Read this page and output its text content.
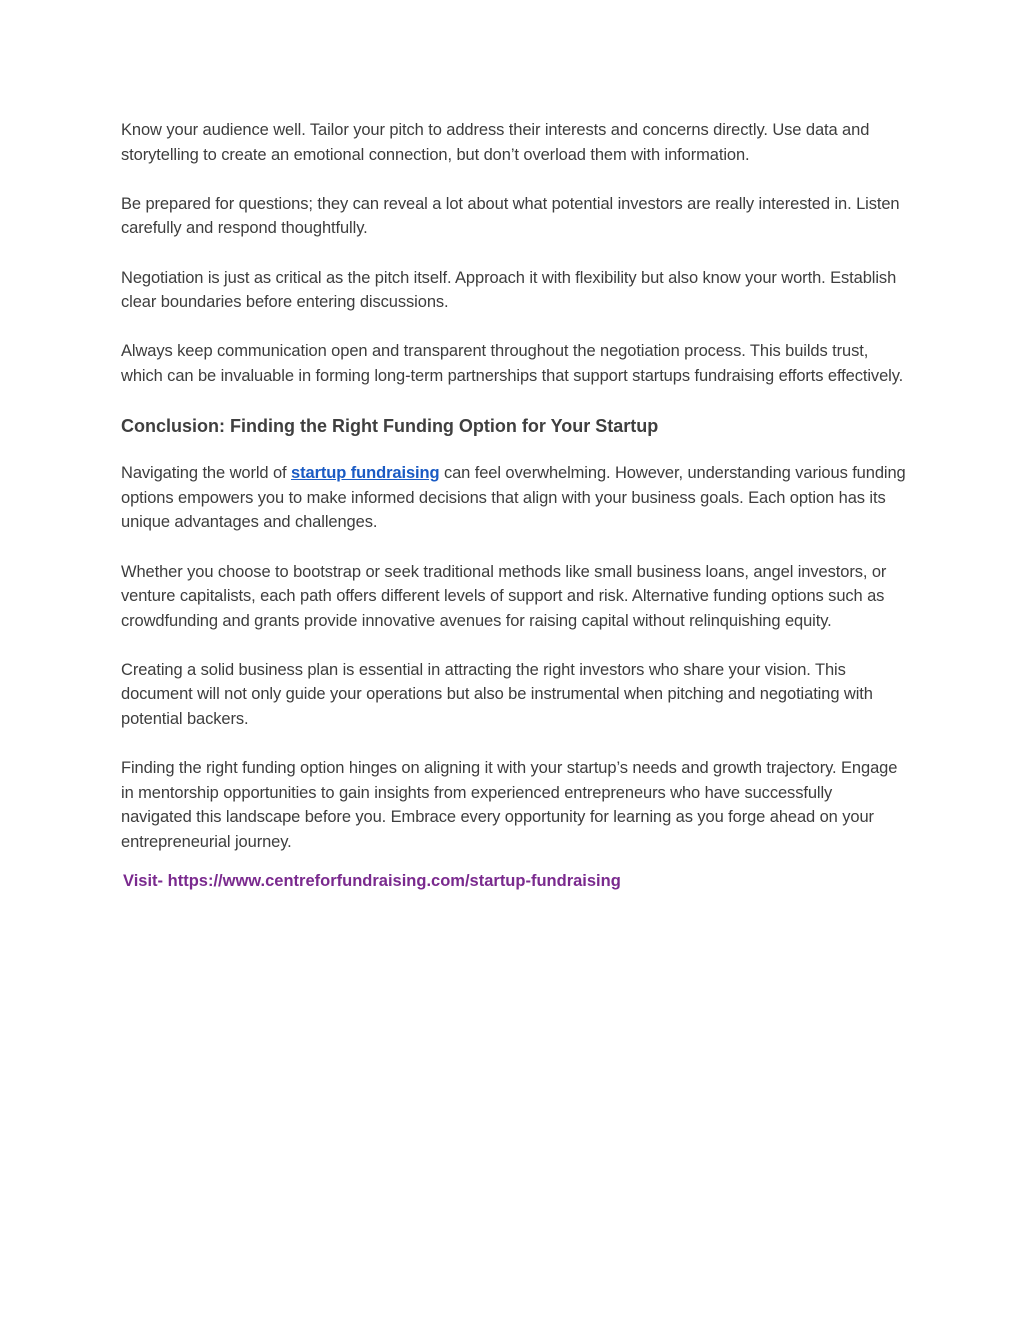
Know your audience well. Tailor your pitch to address their interests and concerns directly. Use data and storytelling to create an emotional connection, but don’t overload them with information.

Be prepared for questions; they can reveal a lot about what potential investors are really interested in. Listen carefully and respond thoughtfully.

Negotiation is just as critical as the pitch itself. Approach it with flexibility but also know your worth. Establish clear boundaries before entering discussions.

Always keep communication open and transparent throughout the negotiation process. This builds trust, which can be invaluable in forming long-term partnerships that support startups fundraising efforts effectively.

Conclusion: Finding the Right Funding Option for Your Startup

Navigating the world of startup fundraising can feel overwhelming. However, understanding various funding options empowers you to make informed decisions that align with your business goals. Each option has its unique advantages and challenges.

Whether you choose to bootstrap or seek traditional methods like small business loans, angel investors, or venture capitalists, each path offers different levels of support and risk. Alternative funding options such as crowdfunding and grants provide innovative avenues for raising capital without relinquishing equity.

Creating a solid business plan is essential in attracting the right investors who share your vision. This document will not only guide your operations but also be instrumental when pitching and negotiating with potential backers.

Finding the right funding option hinges on aligning it with your startup’s needs and growth trajectory. Engage in mentorship opportunities to gain insights from experienced entrepreneurs who have successfully navigated this landscape before you. Embrace every opportunity for learning as you forge ahead on your entrepreneurial journey.

Visit- https://www.centreforfundraising.com/startup-fundraising
